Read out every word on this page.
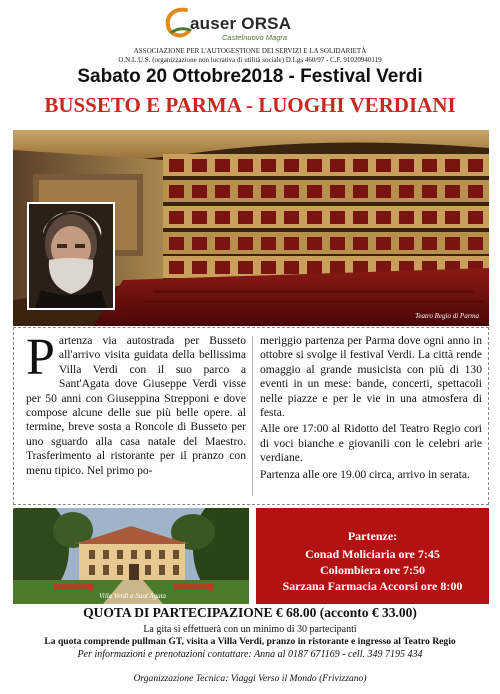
auser ORSA
Castelnuovo Magra
ASSOCIAZIONE PER L'AUTOGESTIONE DEI SERVIZI E LA SOLIDARIETÀ
O.N.L.U.S. (organizzazione non lucrativa di utilità sociale) D.Lgs 460/97 - C.F. 91020940119
Sabato 20 Ottobre2018 - Festival Verdi
BUSSETO E PARMA - LUOGHI VERDIANI
Teatro Regio di Parma
Partenza via autostrada per Busseto all'arrivo visita guidata della bellissima Villa Verdi con il suo parco a Sant'Agata dove Giuseppe Verdi visse per 50 anni con Giuseppina Strepponi e dove compose alcune delle sue più belle opere. al termine, breve sosta a Roncole di Busseto per uno sguardo alla casa natale del Maestro. Trasferimento al ristorante per il pranzo con menu tipico. Nel primo po-

meriggio partenza per Parma dove ogni anno in ottobre si svolge il festival Verdi. La città rende omaggio al grande musicista con più di 130 eventi in un mese: bande, concerti, spettacoli nelle piazze e per le vie in una atmosfera di festa.

Alle ore 17:00 al Ridotto del Teatro Regio cori di voci bianche e giovanili con le celebri arie verdiane.

Partenza alle ore 19.00 circa, arrivo in serata.

Villa Verdi a Sant'Agata
Partenze:
Conad Moliciaria ore 7:45
Colombiera ore 7:50
Sarzana Farmacia Accorsi ore 8:00
QUOTA DI PARTECIPAZIONE € 68.00 (acconto € 33.00)
La gita si effettuerà con un minimo di 30 partecipanti
La quota comprende pullman GT, visita a Villa Verdi, pranzo in ristorante e ingresso al Teatro Regio
Per informazioni e prenotazioni contattare: Anna al 0187 671169 - cell. 349 7195 434
Organizzazione Tecnica: Viaggi Verso il Mondo (Frivizzano)
